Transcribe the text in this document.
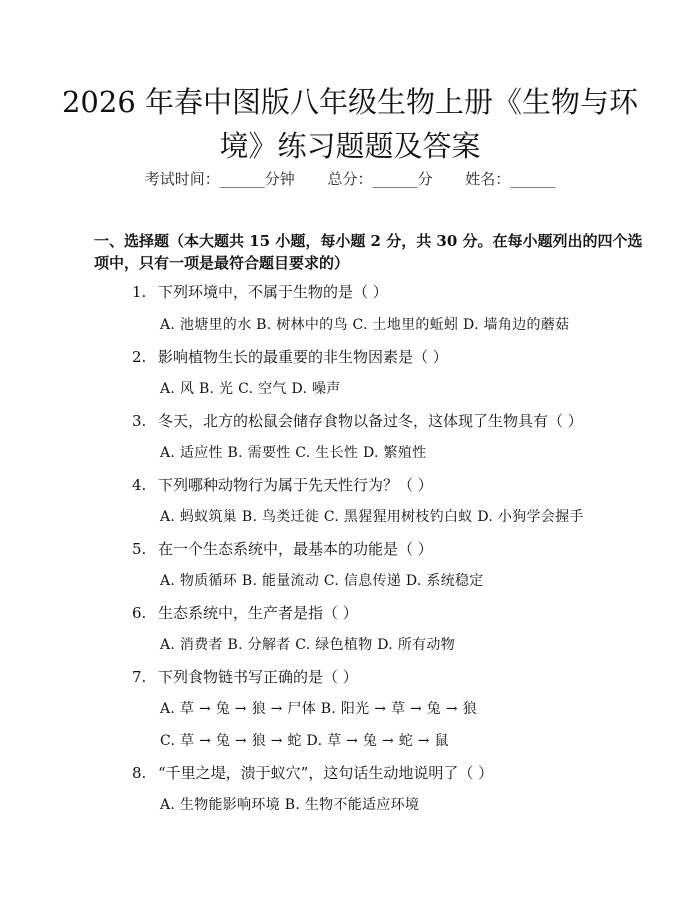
2026 年春中图版八年级生物上册《生物与环
境》练习题题及答案
考试时间：______分钟 总分：______分 姓名：______
一、选择题（本大题共 15 小题，每小题 2 分，共 30 分。在每小题列出的四个选项中，只有一项是最符合题目要求的）
1. 下列环境中，不属于生物的是（ ）
A. 池塘里的水 B. 树林中的鸟 C. 土地里的蚯蚓 D. 墙角边的蘑菇
2. 影响植物生长的最重要的非生物因素是（ ）
A. 风 B. 光 C. 空气 D. 噪声
3. 冬天，北方的松鼠会储存食物以备过冬，这体现了生物具有（ ）
A. 适应性 B. 需要性 C. 生长性 D. 繁殖性
4. 下列哪种动物行为属于先天性行为？（ ）
A. 蚂蚁筑巢 B. 鸟类迁徙 C. 黑猩猩用树枝钓白蚁 D. 小狗学会握手
5. 在一个生态系统中，最基本的功能是（ ）
A. 物质循环 B. 能量流动 C. 信息传递 D. 系统稳定
6. 生态系统中，生产者是指（ ）
A. 消费者 B. 分解者 C. 绿色植物 D. 所有动物
7. 下列食物链书写正确的是（ ）
A. 草 → 兔 → 狼 → 尸体 B. 阳光 → 草 → 兔 → 狼
C. 草 → 兔 → 狼 → 蛇 D. 草 → 兔 → 蛇 → 鼠
8. “千里之堤，溃于蚁穴”，这句话生动地说明了（ ）
A. 生物能影响环境 B. 生物不能适应环境
